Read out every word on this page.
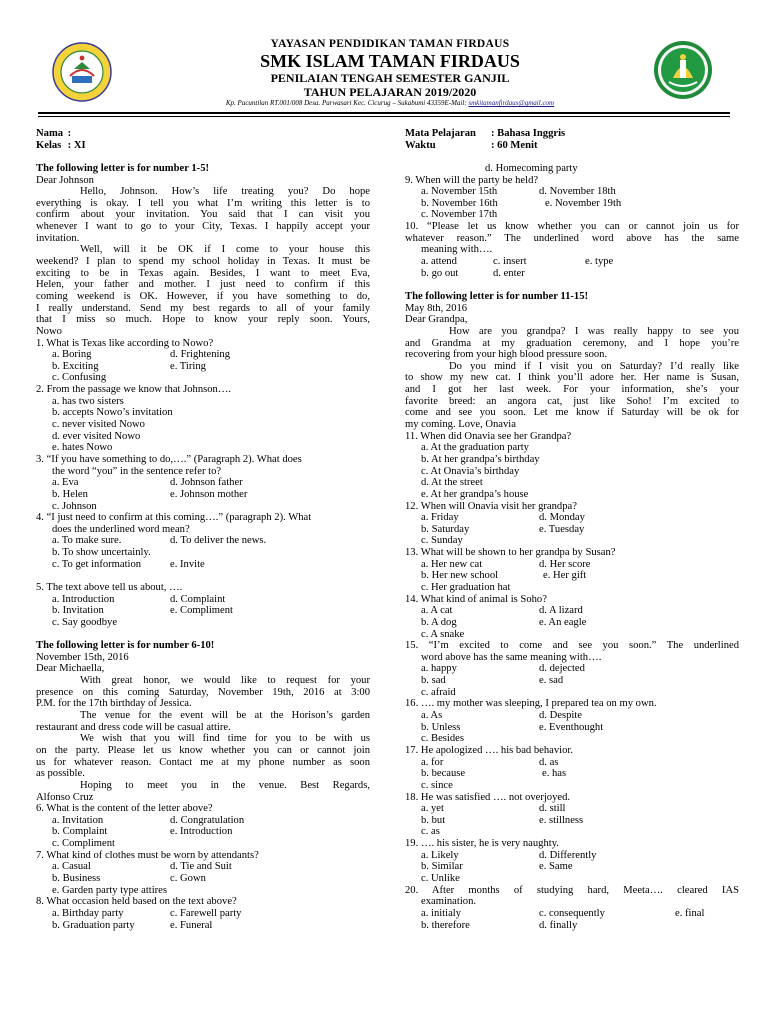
YAYASAN PENDIDIKAN TAMAN FIRDAUS
SMK ISLAM TAMAN FIRDAUS
PENILAIAN TENGAH SEMESTER GANJIL
TAHUN PELAJARAN 2019/2020
Kp. Pacuntilan RT.001/008 Desa. Parwasari Kec. Cicurug – Sukabumi 43359E-Mail: smkitamanfirdaus@gmail.com
Nama :
Kelas : XI
The following letter is for number 1-5!
Dear Johnson
Hello, Johnson. How’s life treating you? Do hope
everything is okay. I tell you what I’m writing this letter is to
confirm about your invitation. You said that I can visit you
whenever I want to go to your City, Texas. I happily accept your
invitation.
Well, will it be OK if I come to your house this
weekend? I plan to spend my school holiday in Texas. It must be
exciting to be in Texas again. Besides, I want to meet Eva,
Helen, your father and mother. I just need to confirm if this
coming weekend is OK. However, if you have something to do,
I really understand. Send my best regards to all of your family
that I miss so much. Hope to know your reply soon. Yours,
Nowo
1. What is Texas like according to Nowo?
a. Boring	d. Frightening
b. Exciting	e. Tiring
c. Confusing
2. From the passage we know that Johnson….
a. has two sisters
b. accepts Nowo’s invitation
c. never visited Nowo
d. ever visited Nowo
e. hates Nowo
3. “If you have something to do,….” (Paragraph 2). What does
the word “you” in the sentence refer to?
a. Eva	d. Johnson father
b. Helen	e. Johnson mother
c. Johnson
4. “I just need to confirm at this coming….” (paragraph 2). What
does the underlined word mean?
a. To make sure.	d. To deliver the news.
b. To show uncertainly.
c. To get information	e. Invite
5. The text above tell us about, ….
a. Introduction	d. Complaint
b. Invitation	e. Compliment
c. Say goodbye
The following letter is for number 6-10!
November 15th, 2016
Dear Michaella,
With great honor, we would like to request for your
presence on this coming Saturday, November 19th, 2016 at 3:00
P.M. for the 17th birthday of Jessica.
The venue for the event will be at the Horison’s garden
restaurant and dress code will be casual attire.
We wish that you will find time for you to be with us
on the party. Please let us know whether you can or cannot join
us for whatever reason. Contact me at my phone number as soon
as possible.
Hoping to meet you in the venue. Best Regards,
Alfonso Cruz
6. What is the content of the letter above?
a. Invitation	d. Congratulation
b. Complaint	e. Introduction
c. Compliment
7. What kind of clothes must be worn by attendants?
a. Casual	d. Tie and Suit
b. Business	c. Gown
e. Garden party type attires
8. What occasion held based on the text above?
a. Birthday party	c. Farewell party
b. Graduation party	e. Funeral
Mata Pelajaran : Bahasa Inggris
Waktu	: 60 Menit
d. Homecoming party
9. When will the party be held?
a. November 15th	d. November 18th
b. November 16th	e. November 19th
c. November 17th
10. “Please let us know whether you can or cannot join us for
whatever reason.” The underlined word above has the same
meaning with….
a. attend	c. insert	e. type
b. go out	d. enter
The following letter is for number 11-15!
May 8th, 2016
Dear Grandpa,
How are you grandpa? I was really happy to see you
and Grandma at my graduation ceremony, and I hope you’re
recovering from your high blood pressure soon.
Do you mind if I visit you on Saturday? I’d really like
to show my new cat. I think you’ll adore her. Her name is Susan,
and I got her last week. For your information, she’s your
favorite breed: an angora cat, just like Soho! I’m excited to
come and see you soon. Let me know if Saturday will be ok for
my coming. Love, Onavia
11. When did Onavia see her Grandpa?
a. At the graduation party
b. At her grandpa’s birthday
c. At Onavia’s birthday
d. At the street
e. At her grandpa’s house
12. When will Onavia visit her grandpa?
a. Friday	d. Monday
b. Saturday	e. Tuesday
c. Sunday
13. What will be shown to her grandpa by Susan?
a. Her new cat	d. Her score
b. Her new school	e. Her gift
c. Her graduation hat
14. What kind of animal is Soho?
a. A cat	d. A lizard
b. A dog	e. An eagle
c. A snake
15. “I’m excited to come and see you soon.” The underlined
word above has the same meaning with….
a. happy	d. dejected
b. sad	e. sad
c. afraid
16. …. my mother was sleeping, I prepared tea on my own.
a. As	d. Despite
b. Unless	e. Eventhought
c. Besides
17. He apologized …. his bad behavior.
a. for	d. as
b. because	e. has
c. since
18. He was satisfied …. not overjoyed.
a. yet	d. still
b. but	e. stillness
c. as
19. …. his sister, he is very naughty.
a. Likely	d. Differently
b. Similar	e. Same
c. Unlike
20. After months of studying hard, Meeta…. cleared IAS
examination.
a. initialy	c. consequently	e. final
b. therefore	d. finally
